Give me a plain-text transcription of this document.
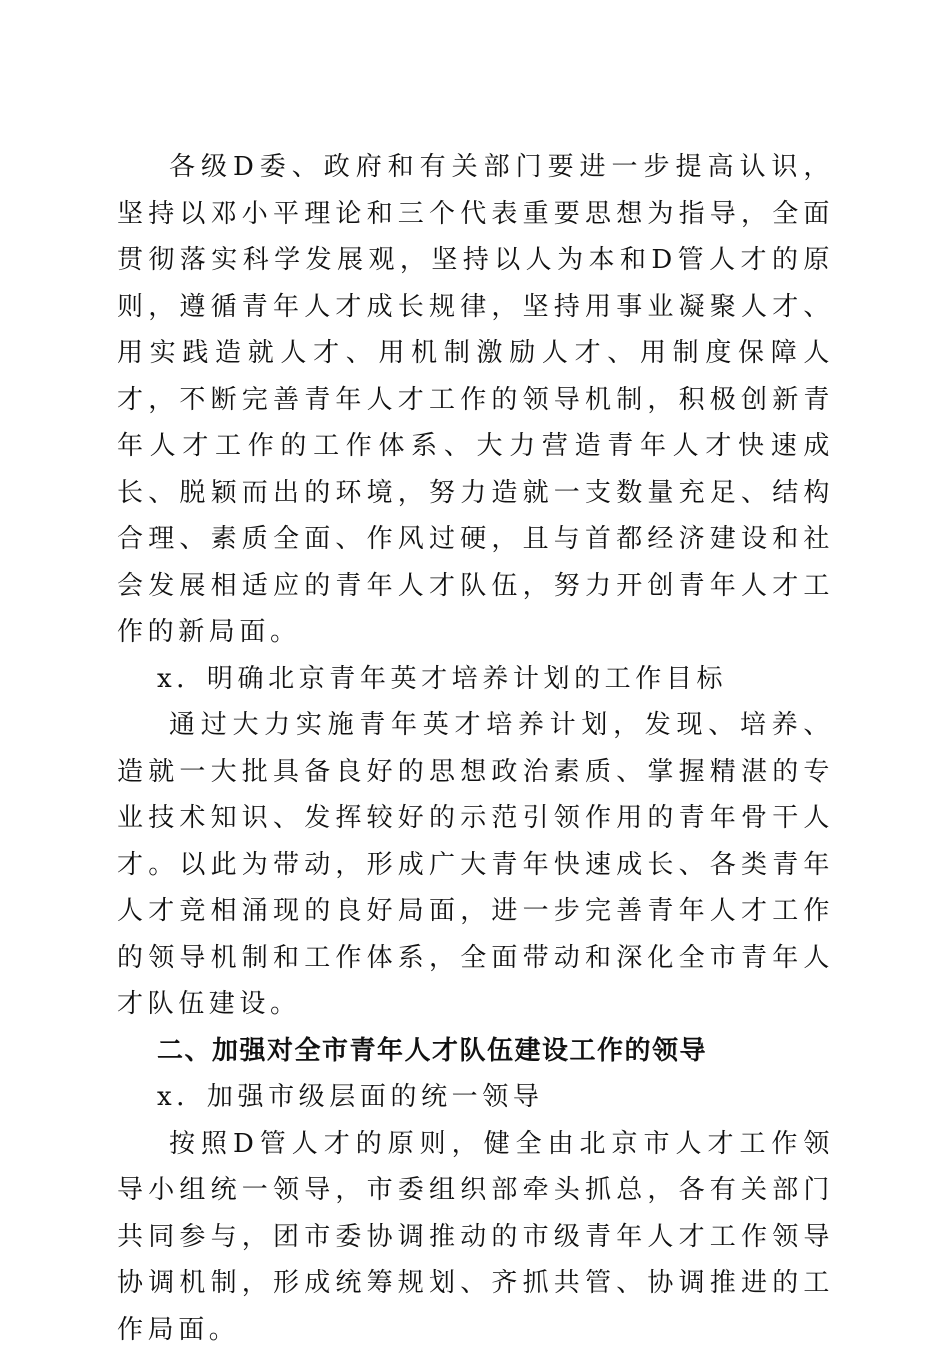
各级D委、政府和有关部门要进一步提高认识，坚持以邓小平理论和三个代表重要思想为指导，全面贯彻落实科学发展观，坚持以人为本和D管人才的原则，遵循青年人才成长规律，坚持用事业凝聚人才、用实践造就人才、用机制激励人才、用制度保障人才，不断完善青年人才工作的领导机制，积极创新青年人才工作的工作体系、大力营造青年人才快速成长、脱颖而出的环境，努力造就一支数量充足、结构合理、素质全面、作风过硬，且与首都经济建设和社会发展相适应的青年人才队伍，努力开创青年人才工作的新局面。

x．明确北京青年英才培养计划的工作目标

通过大力实施青年英才培养计划，发现、培养、造就一大批具备良好的思想政治素质、掌握精湛的专业技术知识、发挥较好的示范引领作用的青年骨干人才。以此为带动，形成广大青年快速成长、各类青年人才竞相涌现的良好局面，进一步完善青年人才工作的领导机制和工作体系，全面带动和深化全市青年人才队伍建设。

二、加强对全市青年人才队伍建设工作的领导

x．加强市级层面的统一领导

按照D管人才的原则，健全由北京市人才工作领导小组统一领导，市委组织部牵头抓总，各有关部门共同参与，团市委协调推动的市级青年人才工作领导协调机制，形成统筹规划、齐抓共管、协调推进的工作局面。
